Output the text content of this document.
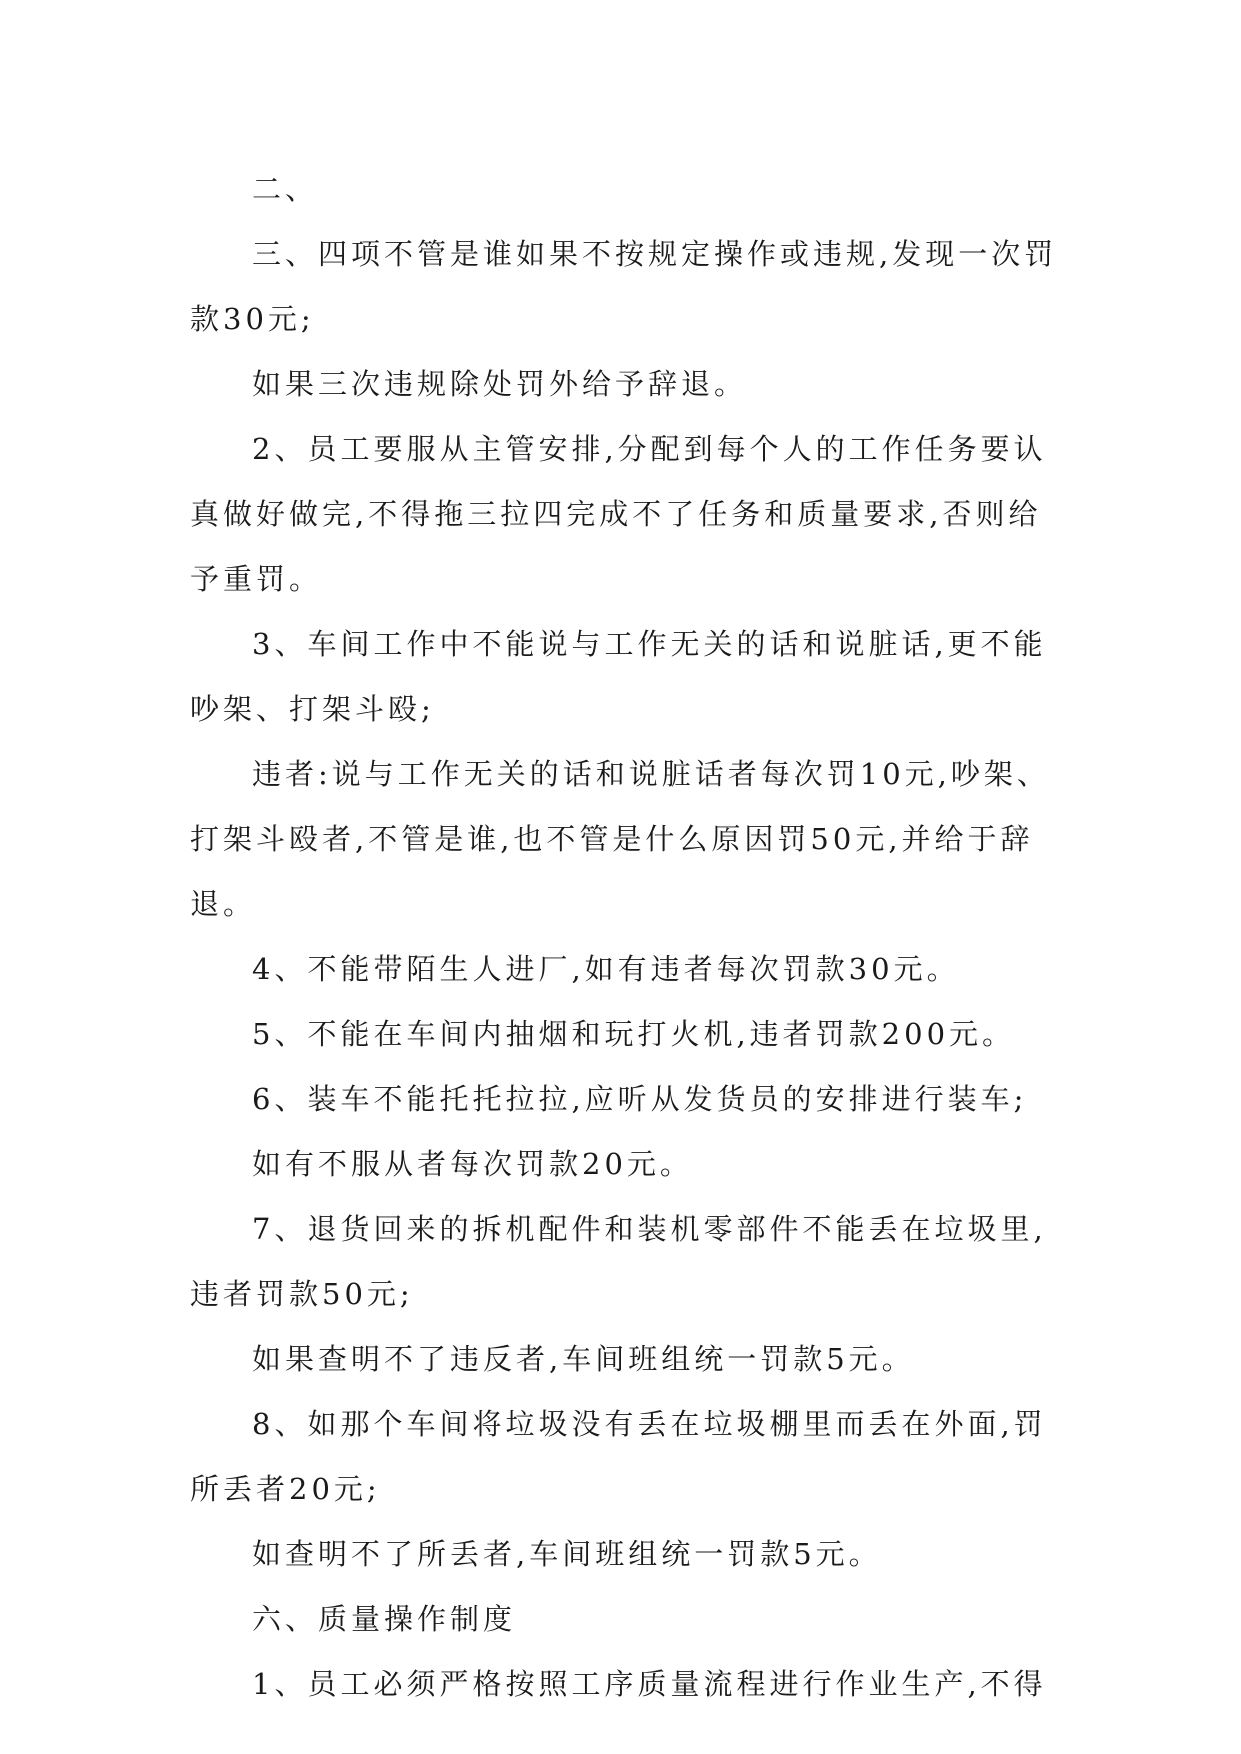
二、

三、四项不管是谁如果不按规定操作或违规,发现一次罚款30元;

如果三次违规除处罚外给予辞退。

2、员工要服从主管安排,分配到每个人的工作任务要认真做好做完,不得拖三拉四完成不了任务和质量要求,否则给予重罚。

3、车间工作中不能说与工作无关的话和说脏话,更不能吵架、打架斗殴;

违者:说与工作无关的话和说脏话者每次罚10元,吵架、打架斗殴者,不管是谁,也不管是什么原因罚50元,并给于辞退。

4、不能带陌生人进厂,如有违者每次罚款30元。

5、不能在车间内抽烟和玩打火机,违者罚款200元。

6、装车不能托托拉拉,应听从发货员的安排进行装车;

如有不服从者每次罚款20元。

7、退货回来的拆机配件和装机零部件不能丢在垃圾里,违者罚款50元;

如果查明不了违反者,车间班组统一罚款5元。

8、如那个车间将垃圾没有丢在垃圾棚里而丢在外面,罚所丢者20元;

如查明不了所丢者,车间班组统一罚款5元。

六、质量操作制度

1、员工必须严格按照工序质量流程进行作业生产,不得
